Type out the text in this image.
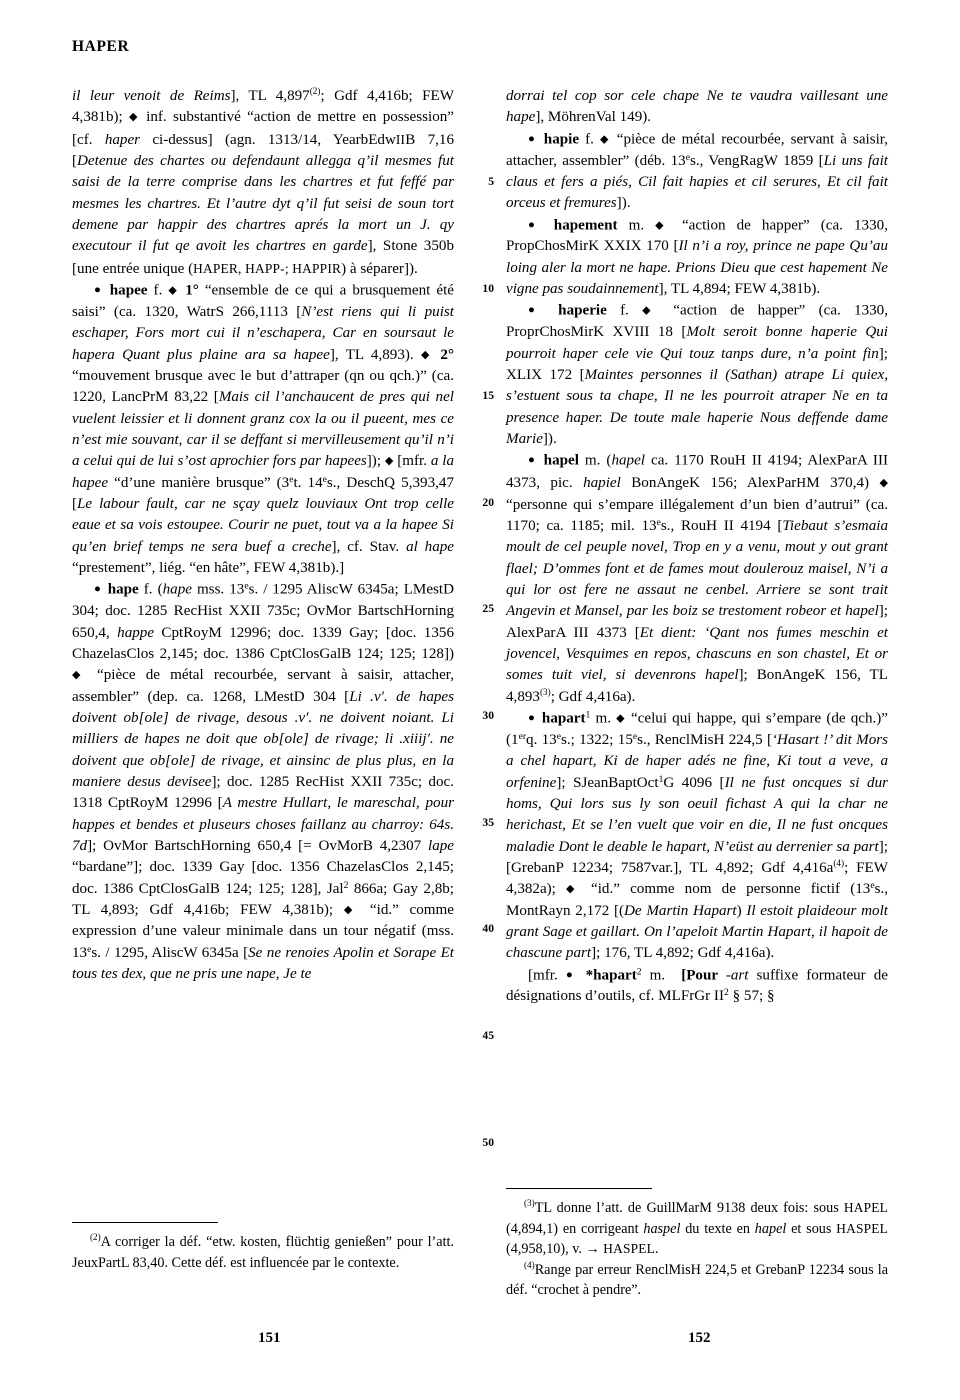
HAPER

il leur venoit de Reims], TL 4,897$^{(2)}$; Gdf 4,416b; FEW 4,381b); ◆ inf. substantivé “action de mettre en possession” [cf. haper ci-dessus] (agn. 1313/14, YearbEdwIIB 7,16 [Detenue des chartes ou defendaunt allegga q’il mesmes fut saisi de la terre comprise dans les chartres et fut feffé par mesmes les chartres. Et l’autre dyt q’il fut seisi de soun tort demene par happir des chartres aprés la mort un J. qy executour il fut qe avoit les chartres en garde], Stone 350b [une entrée unique (HAPER, HAPP-; HAPPIR) à séparer]).

● hapee f. ◆ 1° “ensemble de ce qui a brusquement été saisi” (ca. 1320, WatrS 266,1113 [N’est riens qui li puist eschaper, Fors mort cui il n’eschapera, Car en soursaut le hapera Quant plus plaine ara sa hapee], TL 4,893). ◆ 2° “mouvement brusque avec le but d’attraper (qn ou qch.)” (ca. 1220, LancPrM 83,22 [Mais cil l’anchaucent de pres qui nel vuelent leissier et li donnent granz cox la ou il pueent, mes ce n’est mie souvant, car il se deffant si mervilleusement qu’il n’i a celui qui de lui s’ost aprochier fors par hapees]); ◆ [mfr. a la hapee “d’une manière brusque” (3et. 14es., DeschQ 5,393,47 [Le labour fault, car ne sçay quelz louviaux Ont trop celle eaue et sa vois estoupee. Courir ne puet, tout va a la hapee Si qu’en brief temps ne sera buef a creche], cf. Stav. al hape “prestement”, liég. “en hâte”, FEW 4,381b).]

● hape f. (hape mss. 13es. / 1295 AliscW 6345a; LMestD 304; doc. 1285 RecHist XXII 735c; OvMor BartschHorning 650,4, happe CptRoyM 12996; doc. 1339 Gay; [doc. 1356 ChazelasClos 2,145; doc. 1386 CptClosGalB 124; 125; 128]) ◆ “pièce de métal recourbée, servant à saisir, attacher, assembler” (dep. ca. 1268, LMestD 304 [Li .v′. de hapes doivent ob[ole] de rivage, desous .v′. ne doivent noiant. Li milliers de hapes ne doit que ob[ole] de rivage; li .xiiij′. ne doivent que ob[ole] de rivage, et ainsinc de plus plus, en la maniere desus devisee]; doc. 1285 RecHist XXII 735c; doc. 1318 CptRoyM 12996 [A mestre Hullart, le mareschal, pour happes et bendes et pluseurs choses faillanz au charroy: 64s. 7d]; OvMor BartschHorning 650,4 [= OvMorB 4,2307 lape “bardane”]; doc. 1339 Gay [doc. 1356 ChazelasClos 2,145; doc. 1386 CptClosGalB 124; 125; 128], Jal$^2$ 866a; Gay 2,8b; TL 4,893; Gdf 4,416b; FEW 4,381b); ◆ “id.” comme expression d’une valeur minimale dans un tour négatif (mss. 13es. / 1295, AliscW 6345a [Se ne renoies Apolin et Sorape Et tous tes dex, que ne pris une nape, Je te

5
10
15
20
25
30
35
40
45
50

dorrai tel cop sor cele chape Ne te vaudra vaillesant une hape], MöhrenVal 149).

● hapie f. ◆ “pièce de métal recourbée, servant à saisir, attacher, assembler” (déb. 13es., VengRagW 1859 [Li uns fait claus et fers a piés, Cil fait hapies et cil serures, Et cil fait orceus et fremures]).

● hapement m. ◆ “action de happer” (ca. 1330, PropChosMirK XXIX 170 [Il n’i a roy, prince ne pape Qu’au loing aler la mort ne hape. Prions Dieu que cest hapement Ne vigne pas soudainnement], TL 4,894; FEW 4,381b).

● haperie f. ◆ “action de happer” (ca. 1330, ProprChosMirK XVIII 18 [Molt seroit bonne haperie Qui pourroit haper cele vie Qui touz tanps dure, n’a point fin]; XLIX 172 [Maintes personnes il (Sathan) atrape Li quiex, s’estuent sous ta chape, Il ne les pourroit atraper Ne en ta presence haper. De toute male haperie Nous deffende dame Marie]).

● hapel m. (hapel ca. 1170 RouH II 4194; AlexParA III 4373, pic. hapiel BonAngeK 156; AlexParHM 370,4) ◆ “personne qui s’empare illégalement d’un bien d’autrui” (ca. 1170; ca. 1185; mil. 13es., RouH II 4194 [Tiebaut s’esmaia moult de cel peuple novel, Trop en y a venu, mout y out grant flael; D’ommes font et de fames mout doulerouz maisel, N’i a qui lor ost fere ne assaut ne cenbel. Arriere se sont trait Angevin et Mansel, par les boiz se trestoment robeor et hapel]; AlexParA III 4373 [Et dient: ‘Qant nos fumes meschin et jovencel, Vesquimes en repos, chascuns en son chastel, Et or somes tuit viel, si devenrons hapel]; BonAngeK 156, TL 4,893$^{(3)}$; Gdf 4,416a).

● hapart$^1$ m. ◆ “celui qui happe, qui s’empare (de qch.)” (1erq. 13es.; 1322; 15es., RenclMisH 224,5 [‘Hasart !’ dit Mors a chel hapart, Ki de haper adés ne fine, Ki tout a veve, a orfenine]; SJeanBaptOct$^1$G 4096 [Il ne fust oncques si dur homs, Qui lors sus ly son oeuil fichast A qui la char ne herichast, Et se l’en vuelt que voir en die, Il ne fust oncques maladie Dont le deable le hapart, N’eüst au derrenier sa part]; [GrebanP 12234; 7587var.], TL 4,892; Gdf 4,416a$^{(4)}$; FEW 4,382a); ◆ “id.” comme nom de personne fictif (13es., MontRayn 2,172 [(De Martin Hapart) Il estoit plaideour molt grant Sage et gaillart. On l’apeloit Martin Hapart, il hapoit de chascune part]; 176, TL 4,892; Gdf 4,416a).

[mfr. ● *hapart$^2$ m. [Pour -art suffixe formateur de désignations d’outils, cf. MLFrGr $II^2$ § 57; §

$^{(2)}$A corriger la déf. “etw. kosten, flüchtig genießen” pour l’att. JeuxPartL 83,40. Cette déf. est influencée par le contexte.

$^{(3)}$TL donne l’att. de GuillMarM 9138 deux fois: sous HAPEL (4,894,1) en corrigeant haspel du texte en hapel et sous HASPEL (4,958,10), v. → HASPEL.

$^{(4)}$Range par erreur RenclMisH 224,5 et GrebanP 12234 sous la déf. “crochet à pendre”.

151	152
